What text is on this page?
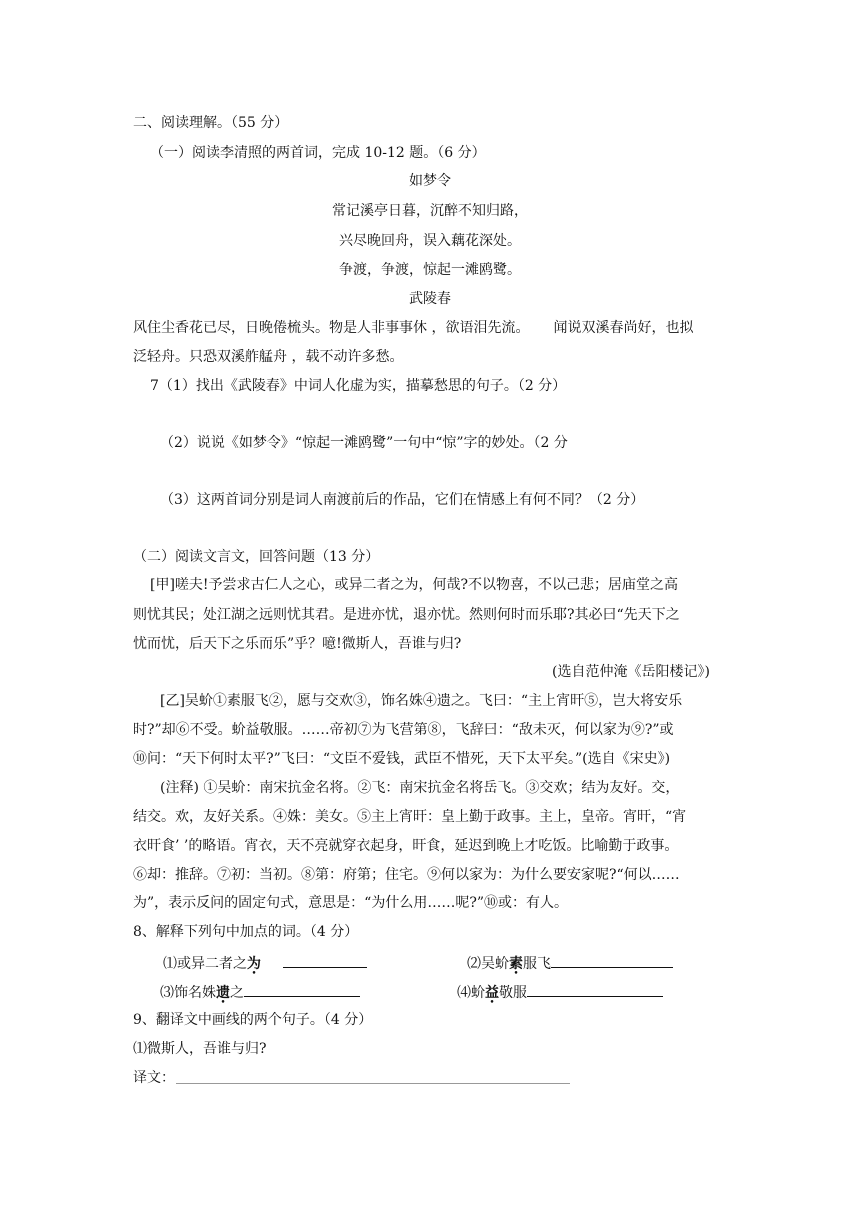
二、阅读理解。（55 分）
（一）阅读李清照的两首词，完成 10-12 题。（6 分）
如梦令
常记溪亭日暮，沉醉不知归路，
兴尽晚回舟，误入藕花深处。
争渡，争渡，惊起一滩鸥鹭。
武陵春
风住尘香花已尽，日晚倦梳头。物是人非事事休 ，欲语泪先流。 闻说双溪春尚好，也拟
泛轻舟。只恐双溪舴艋舟 ，载不动许多愁。
7（1）找出《武陵春》中词人化虚为实，描摹愁思的句子。（2 分）
（2）说说《如梦令》“惊起一滩鸥鹭”一句中“惊”字的妙处。（2 分
（3）这两首词分别是词人南渡前后的作品，它们在情感上有何不同？（2 分）
（二）阅读文言文，回答问题（13 分）
[甲]嗟夫!予尝求古仁人之心，或异二者之为，何哉?不以物喜，不以己悲；居庙堂之高
则忧其民；处江湖之远则忧其君。是进亦忧，退亦忧。然则何时而乐耶?其必曰“先天下之
忧而忧，后天下之乐而乐”乎？噫!微斯人，吾谁与归?
(选自范仲淹《岳阳楼记》)
[乙]吴蚧①素服飞②，愿与交欢③，饰名姝④遗之。飞曰：“主上宵旰⑤，岂大将安乐
时?”却⑥不受。蚧益敬服。……帝初⑦为飞营第⑧，飞辞曰：“敌未灭，何以家为⑨?”或
⑩问：“天下何时太平?”飞曰：“文臣不爱钱，武臣不惜死，天下太平矣。”(选自《宋史》)
(注释) ①吴蚧：南宋抗金名将。②飞：南宋抗金名将岳飞。③交欢；结为友好。交，
结交。欢，友好关系。④姝：美女。⑤主上宵旰：皇上勤于政事。主上，皇帝。宵旰，“宵
衣旰食’ ’的略语。宵衣，天不亮就穿衣起身，旰食，延迟到晚上才吃饭。比喻勤于政事。
⑥却：推辞。⑦初：当初。⑧第：府第；住宅。⑨何以家为：为什么要安家呢?“何以……
为”，表示反问的固定句式，意思是：“为什么用……呢?”⑩或：有人。
8、解释下列句中加点的词。（4 分）
⑴或异二者之为	⑵吴蚧素服飞
⑶饰名姝遗之	⑷蚧益敬服
9、翻译文中画线的两个句子。（4 分）
⑴微斯人，吾谁与归?
译文：
